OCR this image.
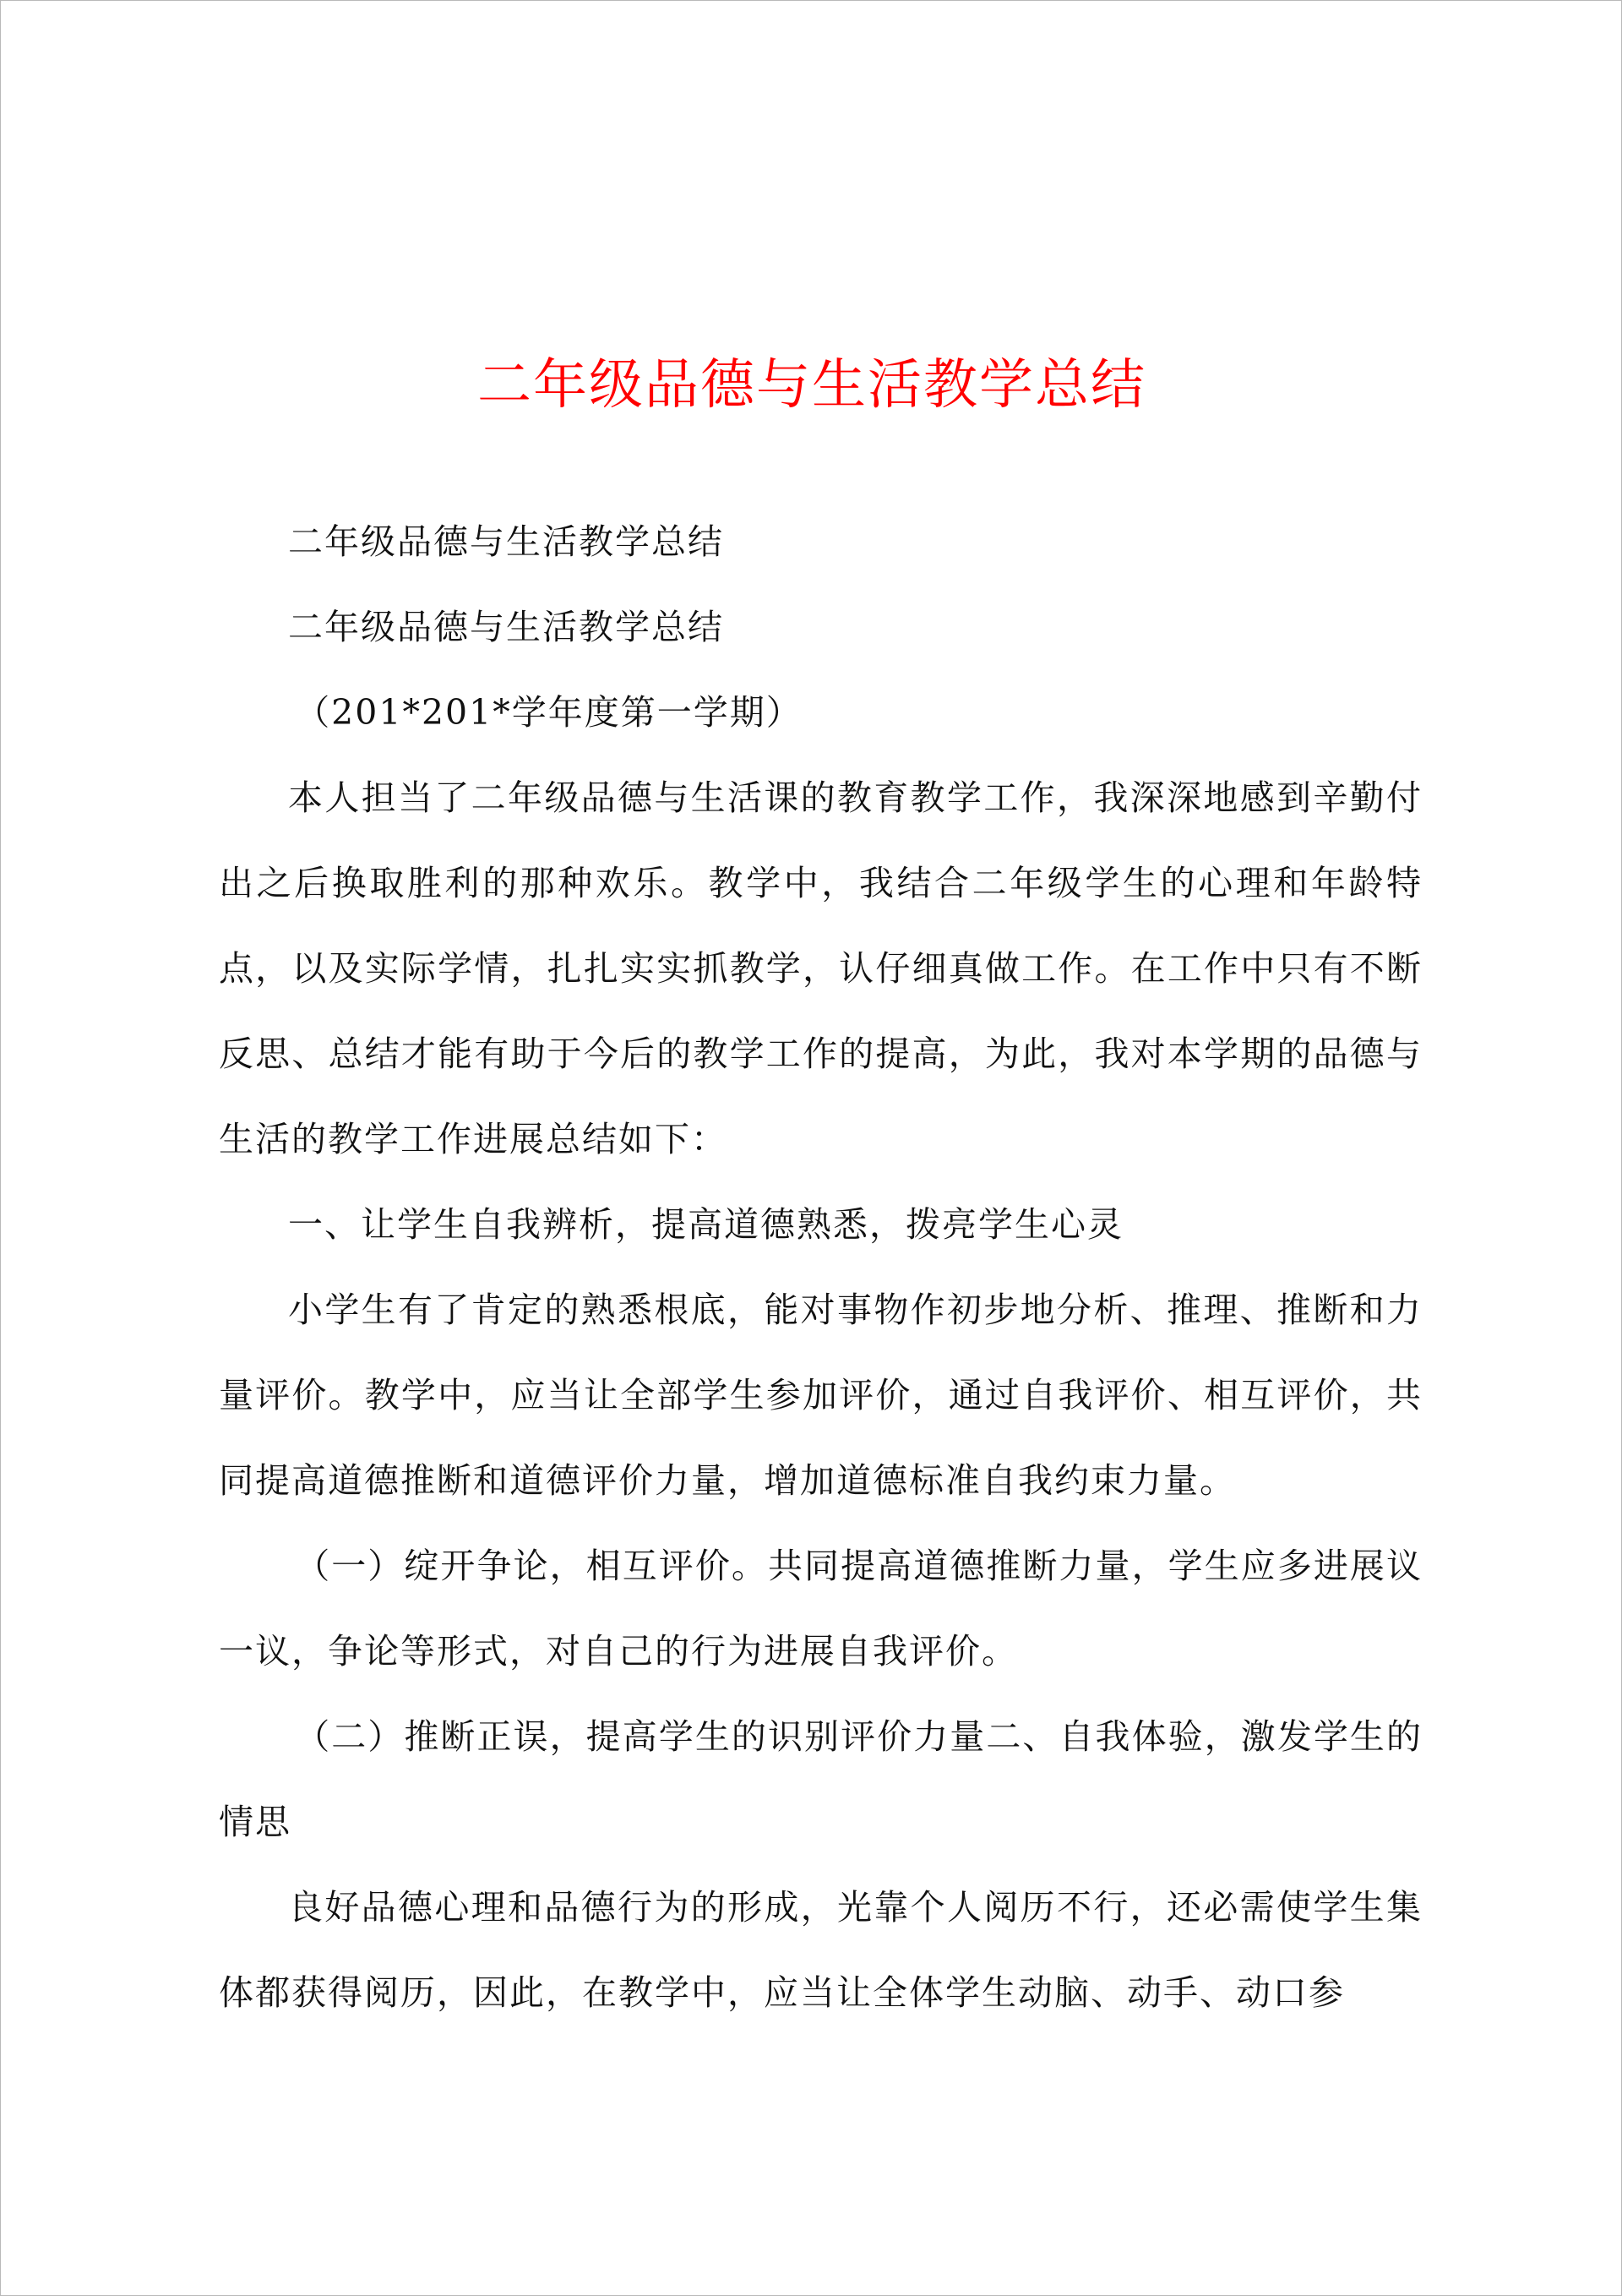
二年级品德与生活教学总结

二年级品德与生活教学总结

二年级品德与生活教学总结

（201*201*学年度第一学期）

本人担当了二年级品德与生活课的教育教学工作，我深深地感到辛勤付出之后换取胜利的那种欢乐。教学中，我结合二年级学生的心理和年龄特点，以及实际学情，扎扎实实抓教学，认仔细真做工作。在工作中只有不断反思、总结才能有助于今后的教学工作的提高，为此，我对本学期的品德与生活的教学工作进展总结如下：

一、让学生自我辨析，提高道德熟悉，拨亮学生心灵

小学生有了肯定的熟悉根底，能对事物作初步地分析、推理、推断和力量评价。教学中，应当让全部学生参加评价，通过自我评价、相互评价，共同提高道德推断和道德评价力量，增加道德标准自我约束力量。

（一）绽开争论，相互评价。共同提高道德推断力量，学生应多进展议一议，争论等形式，对自己的行为进展自我评价。

（二）推断正误，提高学生的识别评价力量二、自我体验，激发学生的情思

良好品德心理和品德行为的形成，光靠个人阅历不行，还必需使学生集体都获得阅历，因此，在教学中，应当让全体学生动脑、动手、动口参
